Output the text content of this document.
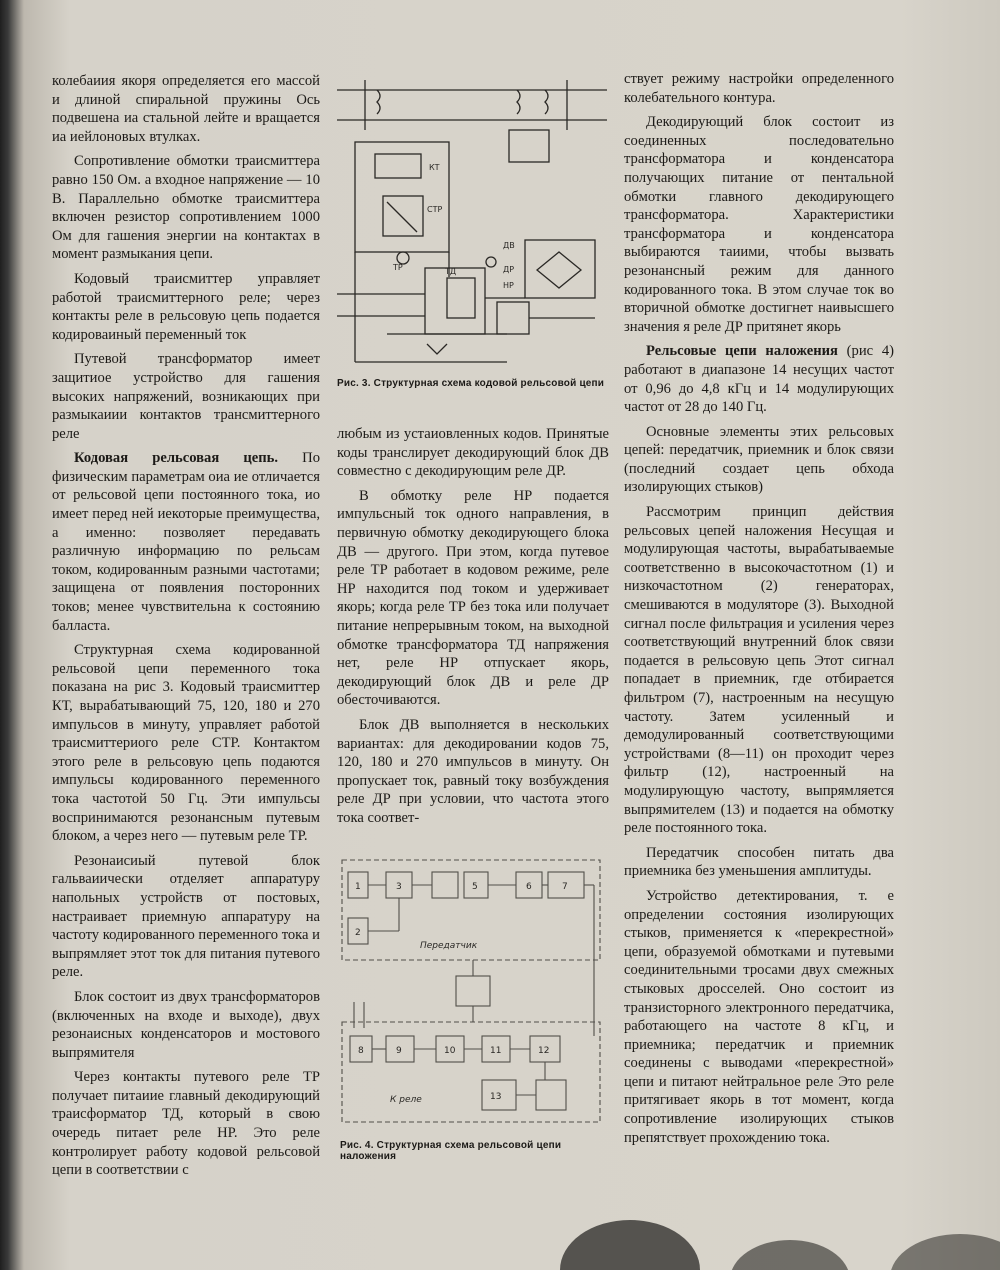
колебаиия якоря определяется его массой и длиной спиральной пружины Ось подвешена иа стальной лейте и вращается иа иейлоновых втулках.

Сопротивление обмотки траисмиттера равно 150 Ом. а входное напряжение — 10 В. Параллельно обмотке траисмиттера включен резистор сопротивлением 1000 Ом для гашения энергии на контактах в момент размыкания цепи.

Кодовый траисмиттер управляет работой траисмиттерного реле; через контакты реле в рельсовую цепь подается кодироваиный переменный ток

Путевой трансформатор имеет защитиое устройство для гашения высоких напряжений, возникающих при размыкаиии контактов трансмиттерного реле

Кодовая рельсовая цепь. По физическим параметрам оиа ие отличается от рельсовой цепи постоянного тока, ио имеет перед ней иекоторые преимущества, а именно: позволяет передавать различную информацию по рельсам током, кодированным разными частотами; защищена от появления посторонних токов; менее чувствительна к состоянию балласта.

Структурная схема кодированной рельсовой цепи переменного тока показана на рис 3. Кодовый траисмиттер КТ, вырабатывающий 75, 120, 180 и 270 импульсов в минуту, управляет работой траисмиттериого реле СТР. Контактом этого реле в рельсовую цепь подаются импульсы кодированного переменного тока частотой 50 Гц. Эти импульсы воспринимаются резонансным путевым блоком, а через него — путевым реле ТР.

Резонаисиый путевой блок гальваиически отделяет аппаратуру напольных устройств от постовых, настраивает приемную аппаратуру на частоту кодированного переменного тока и выпрямляет этот ток для питания путевого реле.

Блок состоит из двух трансформаторов (включенных на входе и выходе), двух резонаисных конденсаторов и мостового выпрямителя

Через контакты путевого реле ТР получает питаиие главный декодирующий траисформатор ТД, который в свою очередь питает реле НР. Это реле контролирует работу кодовой рельсовой цепи в соответствии с

КТ
СТР
ТР	ТД
ДВ
ДР
НР
Рис. 3. Структурная схема кодовой рельсовой цепи

любым из устаиовленных кодов. Принятые коды транслирует декодирующий блок ДВ совместно с декодирующим реле ДР.

В обмотку реле НР подается импульсный ток одного направления, в первичную обмотку декодирующего блока ДВ — другого. При этом, когда путевое реле ТР работает в кодовом режиме, реле НР находится под током и удерживает якорь; когда реле ТР без тока или получает питание непрерывным током, на выходной обмотке трансформатора ТД напряжения нет, реле НР отпускает якорь, декодирующий блок ДВ и реле ДР обесточиваются.

Блок ДВ выполняется в нескольких вариантах: для декодировании кодов 75, 120, 180 и 270 импульсов в минуту. Он пропускает ток, равный току возбуждения реле ДР при условии, что частота этого тока соответ-

1
2
3	5	6	7
8	9	10	11	12
13
Передатчик
К реле
Рис. 4. Структурная схема рельсовой цепи наложения

ствует режиму настройки определенного колебательного контура.

Декодирующий блок состоит из соединенных последовательно трансформатора и конденсатора получающих питание от пентальной обмотки главного декодирующего трансформатора. Характеристики трансформатора и конденсатора выбираются таиими, чтобы вызвать резонансный режим для данного кодированного тока. В этом случае ток во вторичной обмотке достигнет наивысшего значения я реле ДР притянет якорь

Рельсовые цепи наложения (рис 4) работают в диапазоне 14 несущих частот от 0,96 до 4,8 кГц и 14 модулирующих частот от 28 до 140 Гц.

Основные элементы этих рельсовых цепей: передатчик, приемник и блок связи (последний создает цепь обхода изолирующих стыков)

Рассмотрим принцип действия рельсовых цепей наложения Несущая и модулирующая частоты, вырабатываемые соответственно в высокочастотном (1) и низкочастотном (2) генераторах, смешиваются в модуляторе (3). Выходной сигнал после фильтрация и усиления через соответствующий внутренний блок связи подается в рельсовую цепь Этот сигнал попадает в приемник, где отбирается фильтром (7), настроенным на несущую частоту. Затем усиленный и демодулированный соответствующими устройствами (8—11) он проходит через фильтр (12), настроенный на модулирующую частоту, выпрямляется выпрямителем (13) и подается на обмотку реле постоянного тока.

Передатчик способен питать два приемника без уменьшения амплитуды.

Устройство детектирования, т. е определении состояния изолирующих стыков, применяется к «перекрестной» цепи, образуемой обмотками и путевыми соединительными тросами двух смежных стыковых дросселей. Оно состоит из транзисторного электронного передатчика, работающего на частоте 8 кГц, и приемника; передатчик и приемник соединены с выводами «перекрестной» цепи и питают нейтральное реле Это реле притягивает якорь в тот момент, когда сопротивление изолирующих стыков препятствует прохождению тока.
